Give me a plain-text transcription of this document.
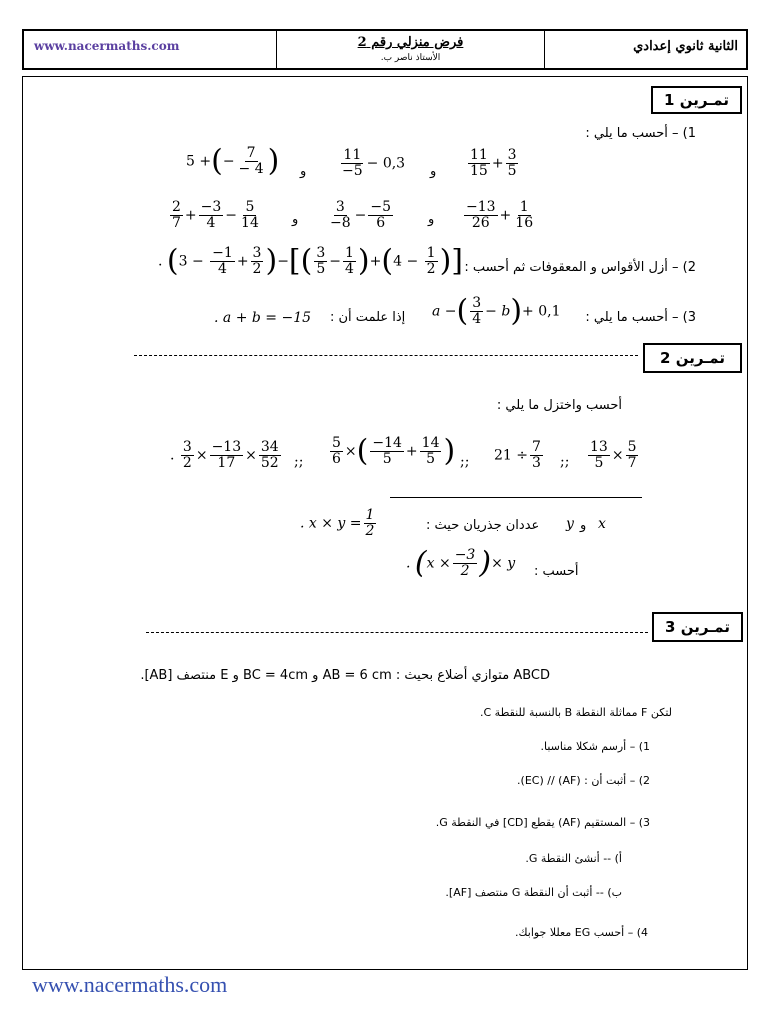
www.nacermaths.com	فرض منزلي رقم 2
الأستاذ ناصر ب.
الثانية ثانوي إعدادي
تمـرين 1
1) – أحسب ما يلي :
$\frac{11}{15} + \frac{3}{5}$
و
$\frac{11}{-5} - 0,3$
و
5 +(− $\frac{7}{- 4}$ )
$\frac{-13}{26} + \frac{1}{16}$
و
$\frac{3}{-8} - \frac{-5}{6}$
و
$\frac{2}{7} + \frac{-3}{4} - \frac{5}{14}$
2) – أزل الأقواس و المعقوفات ثم أحسب :
. ($3 - \frac{-1}{4} + \frac{3}{2}$ )−[( $\frac{3}{5} - \frac{1}{4} )+(4 - \frac{1}{2}$ )]
3) – أحسب ما يلي :
a −( $\frac{3}{4} - b)+ 0,1$
إذا علمت أن :
. a + b = −15
تمـرين 2
أحسب واختزل ما يلي :
$\frac{13}{5} \times \frac{5}{7}$
;;
$21 \div \frac{7}{3}$
;;
$\frac{5}{6}$ ×( $\frac{-14}{5} + \frac{14}{5}$ )
;;
. $\frac{3}{2} \times \frac{-13}{17} \times \frac{34}{52}$
x
و
y
عددان جذريان حيث :
. $x \times y = \frac{1}{2}$
أحسب :
. ($x \times \frac{-3}{2}$ )× y
تمـرين 3
ABCD متوازي أضلاع بحيث : AB = 6 cm و BC = 4cm و E منتصف [AB].
لتكن F مماثلة النقطة B بالنسبة للنقطة C.
1) – أرسم شكلا مناسبا.
2) – أثبت أن : (AF) // (EC).
3) – المستقيم (AF) يقطع [CD] في النقطة G.
أ) -- أنشئ النقطة G.
ب) -- أثبت أن النقطة G منتصف [AF].
4) – أحسب EG معللا جوابك.
www.nacermaths.com
